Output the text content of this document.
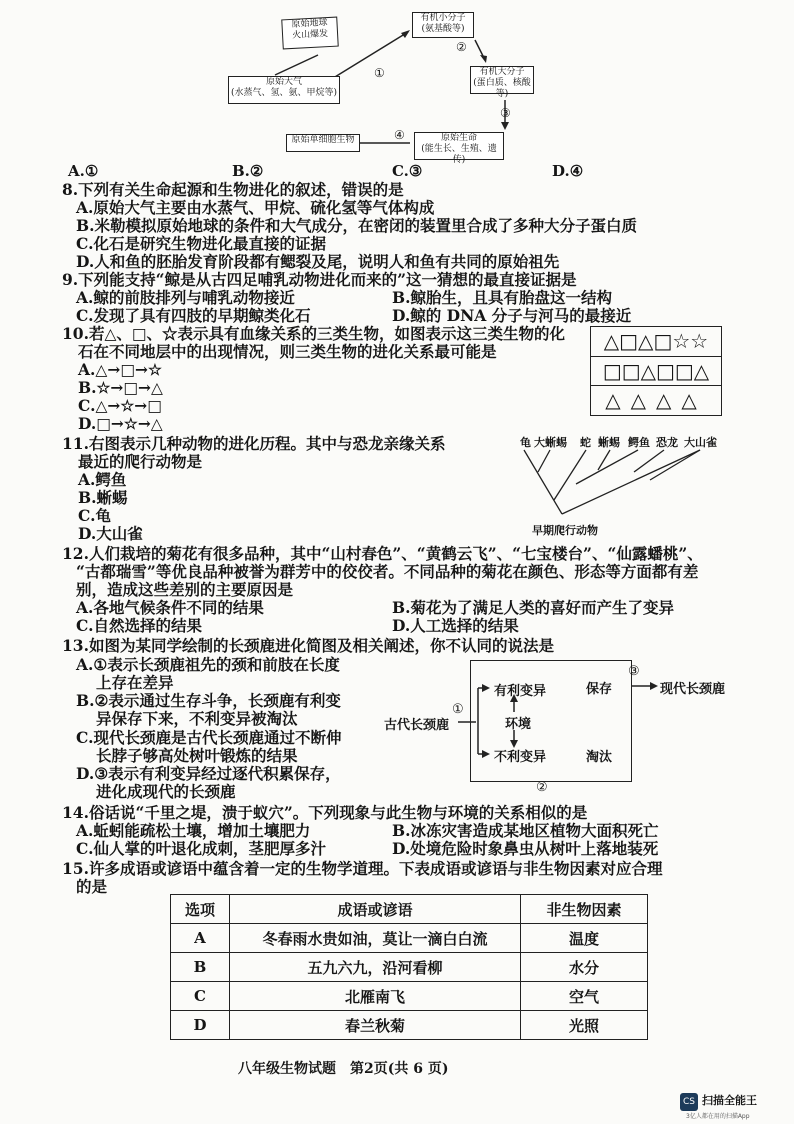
原始地球
火山爆发
原始大气
(水蒸气、氢、氨、甲烷等)
有机小分子
(氨基酸等)
有机大分子
(蛋白质、核酸等)
原始生命
(能生长、生殖、遗传)
原始单细胞生物
①
②
③
④
A.①	B.②	C.③	D.④
8.下列有关生命起源和生物进化的叙述，错误的是
A.原始大气主要由水蒸气、甲烷、硫化氢等气体构成
B.米勒模拟原始地球的条件和大气成分，在密闭的装置里合成了多种大分子蛋白质
C.化石是研究生物进化最直接的证据
D.人和鱼的胚胎发育阶段都有鳃裂及尾，说明人和鱼有共同的原始祖先
9.下列能支持“鲸是从古四足哺乳动物进化而来的”这一猜想的最直接证据是
A.鲸的前肢排列与哺乳动物接近	B.鲸胎生，且具有胎盘这一结构
C.发现了具有四肢的早期鲸类化石	D.鲸的 DNA 分子与河马的最接近
10.若△、□、☆表示具有血缘关系的三类生物，如图表示这三类生物的化
石在不同地层中的出现情况，则三类生物的进化关系最可能是
A.△→□→☆
B.☆→□→△
C.△→☆→□
D.□→☆→△
△□△□☆☆
□□△□□△
△△△△
11.右图表示几种动物的进化历程。其中与恐龙亲缘关系
最近的爬行动物是
A.鳄鱼
B.蜥蜴
C.龟
D.大山雀
龟 大蜥蜴 蛇 蜥蜴 鳄鱼 恐龙 大山雀
早期爬行动物
12.人们栽培的菊花有很多品种，其中“山村春色”、“黄鹤云飞”、“七宝楼台”、“仙露蟠桃”、
“古都瑞雪”等优良品种被誉为群芳中的佼佼者。不同品种的菊花在颜色、形态等方面都有差
别，造成这些差别的主要原因是
A.各地气候条件不同的结果	B.菊花为了满足人类的喜好而产生了变异
C.自然选择的结果	D.人工选择的结果
13.如图为某同学绘制的长颈鹿进化简图及相关阐述，你不认同的说法是
A.①表示长颈鹿祖先的颈和前肢在长度
上存在差异
B.②表示通过生存斗争，长颈鹿有利变
异保存下来，不利变异被淘汰
C.现代长颈鹿是古代长颈鹿通过不断伸
长脖子够高处树叶锻炼的结果
D.③表示有利变异经过逐代积累保存，
进化成现代的长颈鹿
古代长颈鹿
①
有利变异
环境
不利变异
保存
淘汰
③
②
现代长颈鹿
14.俗话说“千里之堤，溃于蚁穴”。下列现象与此生物与环境的关系相似的是
A.蚯蚓能疏松土壤，增加土壤肥力	B.冰冻灾害造成某地区植物大面积死亡
C.仙人掌的叶退化成刺，茎肥厚多汁	D.处境危险时象鼻虫从树叶上落地装死
15.许多成语或谚语中蕴含着一定的生物学道理。下表成语或谚语与非生物因素对应合理
的是
选项	成语或谚语	非生物因素
A	冬春雨水贵如油，莫让一滴白白流	温度
B	五九六九，沿河看柳	水分
C	北雁南飞	空气
D	春兰秋菊	光照
八年级生物试题　第2页(共 6 页)
CS 扫描全能王
3亿人都在用的扫描App
